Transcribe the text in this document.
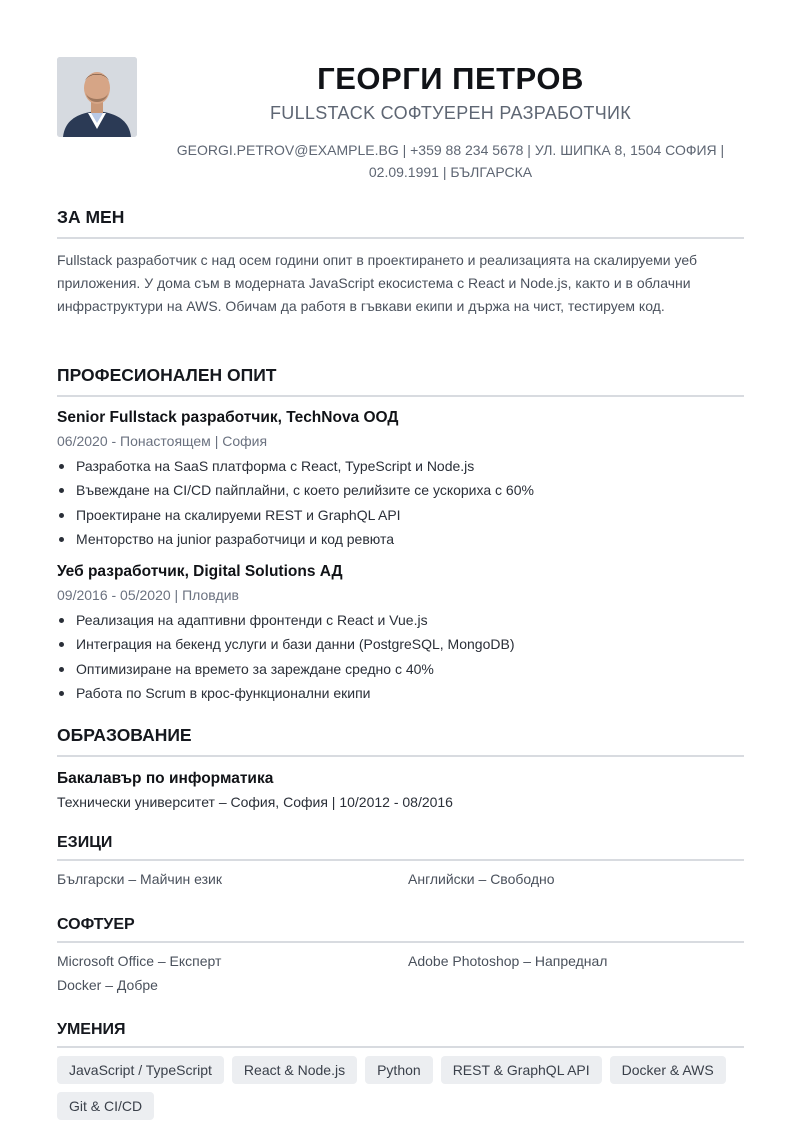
ГЕОРГИ ПЕТРОВ
FULLSTACK СОФТУЕРЕН РАЗРАБОТЧИК
GEORGI.PETROV@EXAMPLE.BG | +359 88 234 5678 | УЛ. ШИПКА 8, 1504 СОФИЯ |
02.09.1991 | БЪЛГАРСКА
ЗА МЕН
Fullstack разработчик с над осем години опит в проектирането и реализацията на скалируеми уеб приложения. У дома съм в модерната JavaScript екосистема с React и Node.js, както и в облачни инфраструктури на AWS. Обичам да работя в гъвкави екипи и държа на чист, тестируем код.
ПРОФЕСИОНАЛЕН ОПИТ
Senior Fullstack разработчик, TechNova ООД
06/2020 - Понастоящем | София
Разработка на SaaS платформа с React, TypeScript и Node.js
Въвеждане на CI/CD пайплайни, с което релийзите се ускориха с 60%
Проектиране на скалируеми REST и GraphQL API
Менторство на junior разработчици и код ревюта
Уеб разработчик, Digital Solutions АД
09/2016 - 05/2020 | Пловдив
Реализация на адаптивни фронтенди с React и Vue.js
Интеграция на бекенд услуги и бази данни (PostgreSQL, MongoDB)
Оптимизиране на времето за зареждане средно с 40%
Работа по Scrum в крос-функционални екипи
ОБРАЗОВАНИЕ
Бакалавър по информатика
Технически университет – София, София | 10/2012 - 08/2016
ЕЗИЦИ
Български – Майчин език	Английски – Свободно
СОФТУЕР
Microsoft Office – Експерт	Adobe Photoshop – Напреднал
Docker – Добре
УМЕНИЯ
JavaScript / TypeScript	React & Node.js	Python	REST & GraphQL API	Docker & AWS
Git & CI/CD
